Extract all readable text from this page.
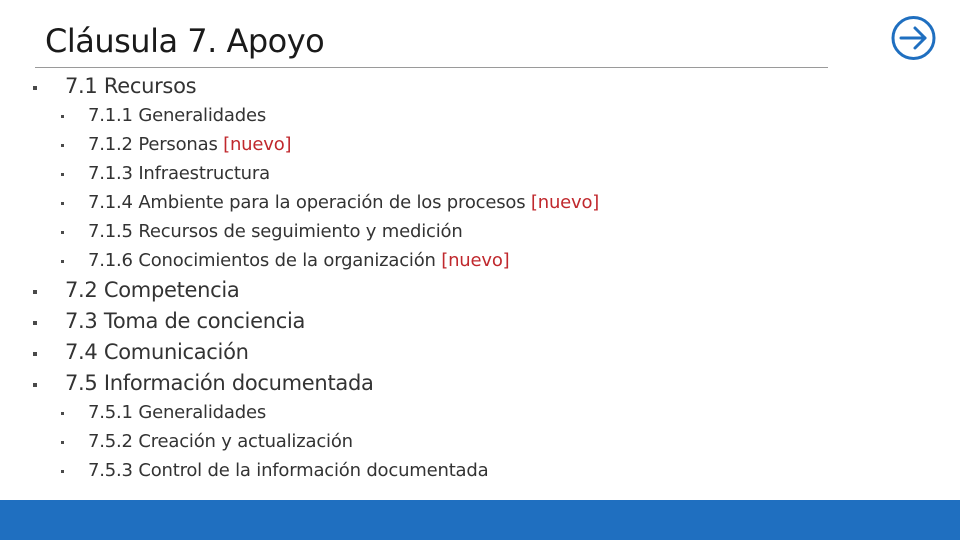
Cláusula 7. Apoyo
7.1 Recursos
7.1.1 Generalidades
7.1.2 Personas [nuevo]
7.1.3 Infraestructura
7.1.4 Ambiente para la operación de los procesos [nuevo]
7.1.5 Recursos de seguimiento y medición
7.1.6 Conocimientos de la organización [nuevo]
7.2 Competencia
7.3 Toma de conciencia
7.4 Comunicación
7.5 Información documentada
7.5.1 Generalidades
7.5.2 Creación y actualización
7.5.3 Control de la información documentada
